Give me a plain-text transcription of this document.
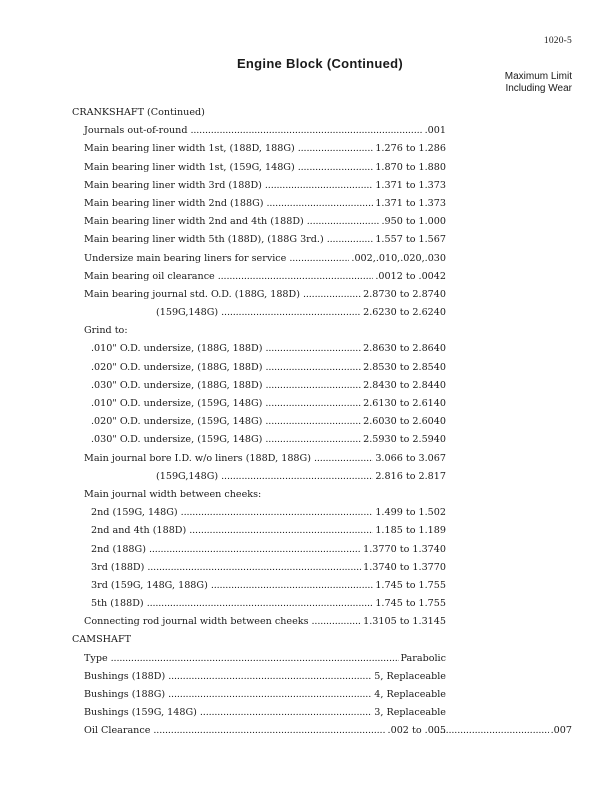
1020-5
Engine Block (Continued)
Maximum Limit
Including Wear
CRANKSHAFT (Continued)
Journals out-of-round . . .	.001
Main bearing liner width 1st, (188D, 188G) . . .	1.276 to 1.286
Main bearing liner width 1st, (159G, 148G) . . .	1.870 to 1.880
Main bearing liner width 3rd (188D) . . .	1.371 to 1.373
Main bearing liner width 2nd (188G) . . .	1.371 to 1.373
Main bearing liner width 2nd and 4th (188D) . . .	.950 to 1.000
Main bearing liner width 5th (188D), (188G 3rd.) . . .	1.557 to 1.567
Undersize main bearing liners for service . . .	.002,.010,.020,.030
Main bearing oil clearance . . .	.0012 to .0042
Main bearing journal std. O.D. (188G, 188D) . . .	2.8730 to 2.8740
(159G,148G) . . .	2.6230 to 2.6240
Grind to:
.010" O.D. undersize, (188G, 188D) . . .	2.8630 to 2.8640
.020" O.D. undersize, (188G, 188D) . . .	2.8530 to 2.8540
.030" O.D. undersize, (188G, 188D) . . .	2.8430 to 2.8440
.010" O.D. undersize, (159G, 148G) . . .	2.6130 to 2.6140
.020" O.D. undersize, (159G, 148G) . . .	2.6030 to 2.6040
.030" O.D. undersize, (159G, 148G) . . .	2.5930 to 2.5940
Main journal bore I.D. w/o liners (188D, 188G) . . .	3.066 to 3.067
(159G,148G) . . .	2.816 to 2.817
Main journal width between cheeks:
2nd (159G, 148G) . . .	1.499 to 1.502
2nd and 4th (188D) . . .	1.185 to 1.189
2nd (188G) . . .	1.3770 to 1.3740
3rd (188D) . . .	1.3740 to 1.3770
3rd (159G, 148G, 188G) . . .	1.745 to 1.755
5th (188D) . . .	1.745 to 1.755
Connecting rod journal width between cheeks . . .	1.3105 to 1.3145
CAMSHAFT
Type . . .	Parabolic
Bushings (188D) . . .	5, Replaceable
Bushings (188G) . . .	4, Replaceable
Bushings (159G, 148G) . . .	3, Replaceable
Oil Clearance . . .	.002 to .005 . . .	.007
